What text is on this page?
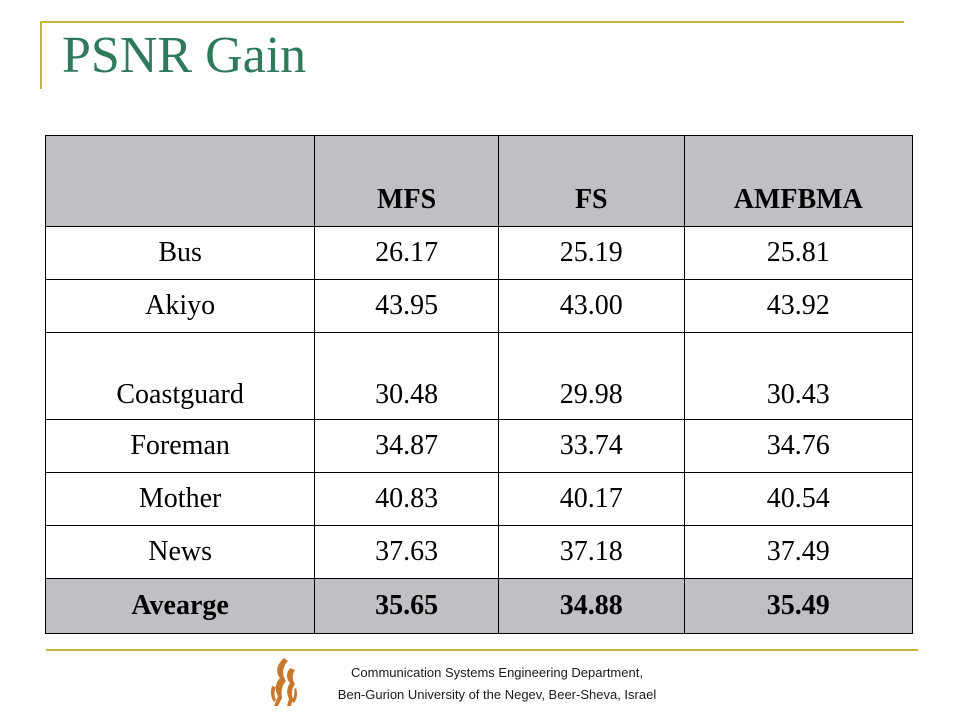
PSNR Gain
	MFS	FS	AMFBMA
Bus	26.17	25.19	25.81
Akiyo	43.95	43.00	43.92
Coastguard	30.48	29.98	30.43
Foreman	34.87	33.74	34.76
Mother	40.83	40.17	40.54
News	37.63	37.18	37.49
Avearge	35.65	34.88	35.49
Communication Systems Engineering Department,
Ben-Gurion University of the Negev, Beer-Sheva, Israel
